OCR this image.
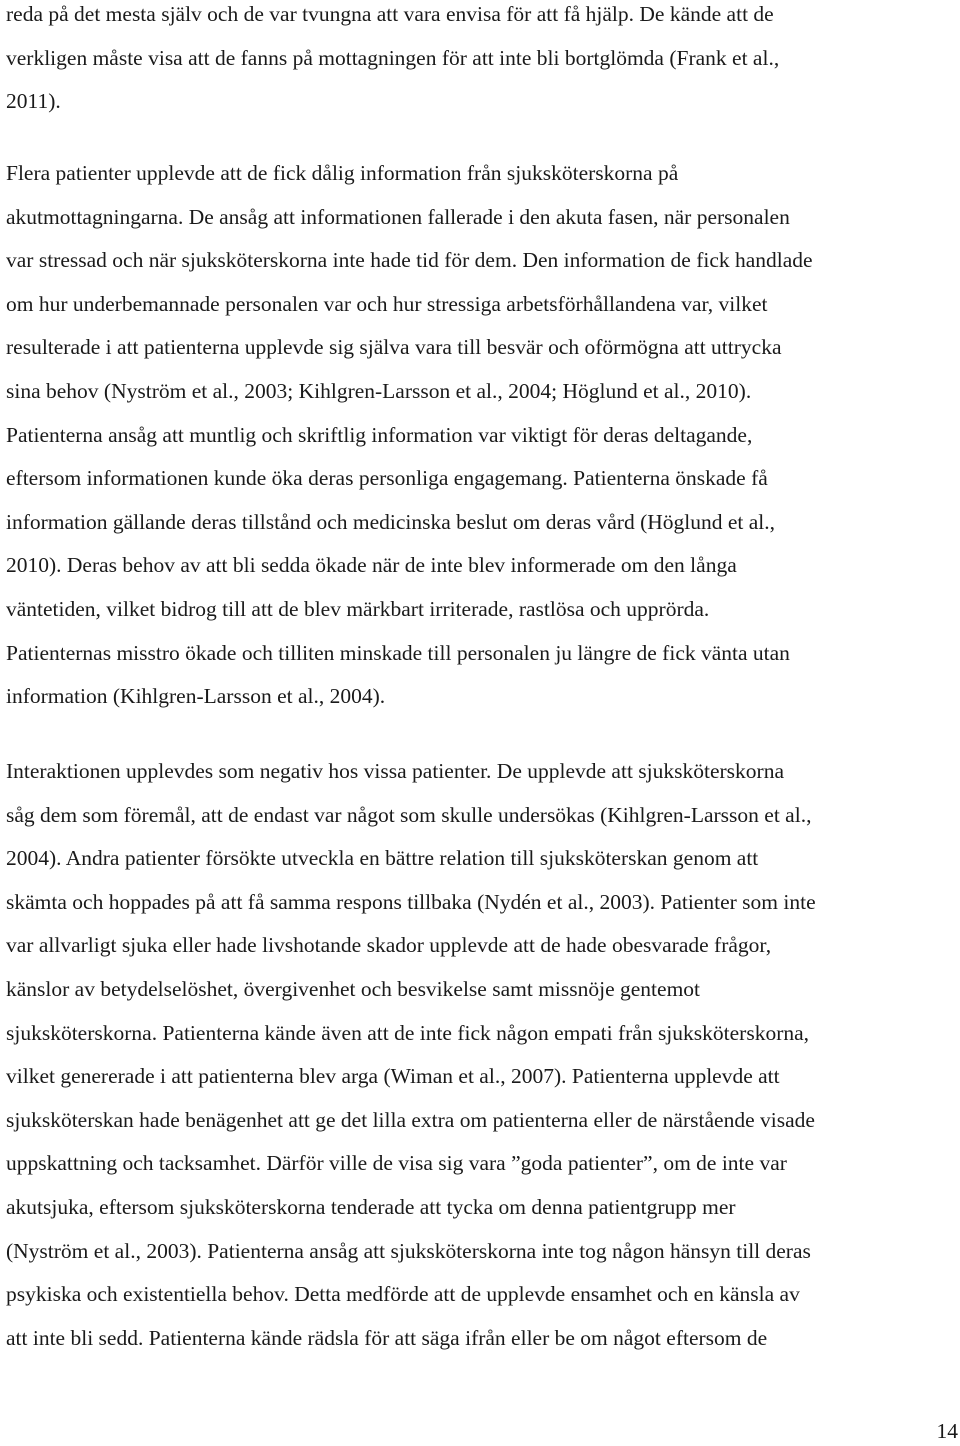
reda på det mesta själv och de var tvungna att vara envisa för att få hjälp. De kände att de
verkligen måste visa att de fanns på mottagningen för att inte bli bortglömda (Frank et al.,
2011).

Flera patienter upplevde att de fick dålig information från sjuksköterskorna på
akutmottagningarna. De ansåg att informationen fallerade i den akuta fasen, när personalen
var stressad och när sjuksköterskorna inte hade tid för dem. Den information de fick handlade
om hur underbemannade personalen var och hur stressiga arbetsförhållandena var, vilket
resulterade i att patienterna upplevde sig själva vara till besvär och oförmögna att uttrycka
sina behov (Nyström et al., 2003; Kihlgren-Larsson et al., 2004; Höglund et al., 2010).
Patienterna ansåg att muntlig och skriftlig information var viktigt för deras deltagande,
eftersom informationen kunde öka deras personliga engagemang. Patienterna önskade få
information gällande deras tillstånd och medicinska beslut om deras vård (Höglund et al.,
2010). Deras behov av att bli sedda ökade när de inte blev informerade om den långa
väntetiden, vilket bidrog till att de blev märkbart irriterade, rastlösa och upprörda.
Patienternas misstro ökade och tilliten minskade till personalen ju längre de fick vänta utan
information (Kihlgren-Larsson et al., 2004).

Interaktionen upplevdes som negativ hos vissa patienter. De upplevde att sjuksköterskorna
såg dem som föremål, att de endast var något som skulle undersökas (Kihlgren-Larsson et al.,
2004). Andra patienter försökte utveckla en bättre relation till sjuksköterskan genom att
skämta och hoppades på att få samma respons tillbaka (Nydén et al., 2003). Patienter som inte
var allvarligt sjuka eller hade livshotande skador upplevde att de hade obesvarade frågor,
känslor av betydelselöshet, övergivenhet och besvikelse samt missnöje gentemot
sjuksköterskorna. Patienterna kände även att de inte fick någon empati från sjuksköterskorna,
vilket genererade i att patienterna blev arga (Wiman et al., 2007). Patienterna upplevde att
sjuksköterskan hade benägenhet att ge det lilla extra om patienterna eller de närstående visade
uppskattning och tacksamhet. Därför ville de visa sig vara ”goda patienter”, om de inte var
akutsjuka, eftersom sjuksköterskorna tenderade att tycka om denna patientgrupp mer
(Nyström et al., 2003). Patienterna ansåg att sjuksköterskorna inte tog någon hänsyn till deras
psykiska och existentiella behov. Detta medförde att de upplevde ensamhet och en känsla av
att inte bli sedd. Patienterna kände rädsla för att säga ifrån eller be om något eftersom de

14
